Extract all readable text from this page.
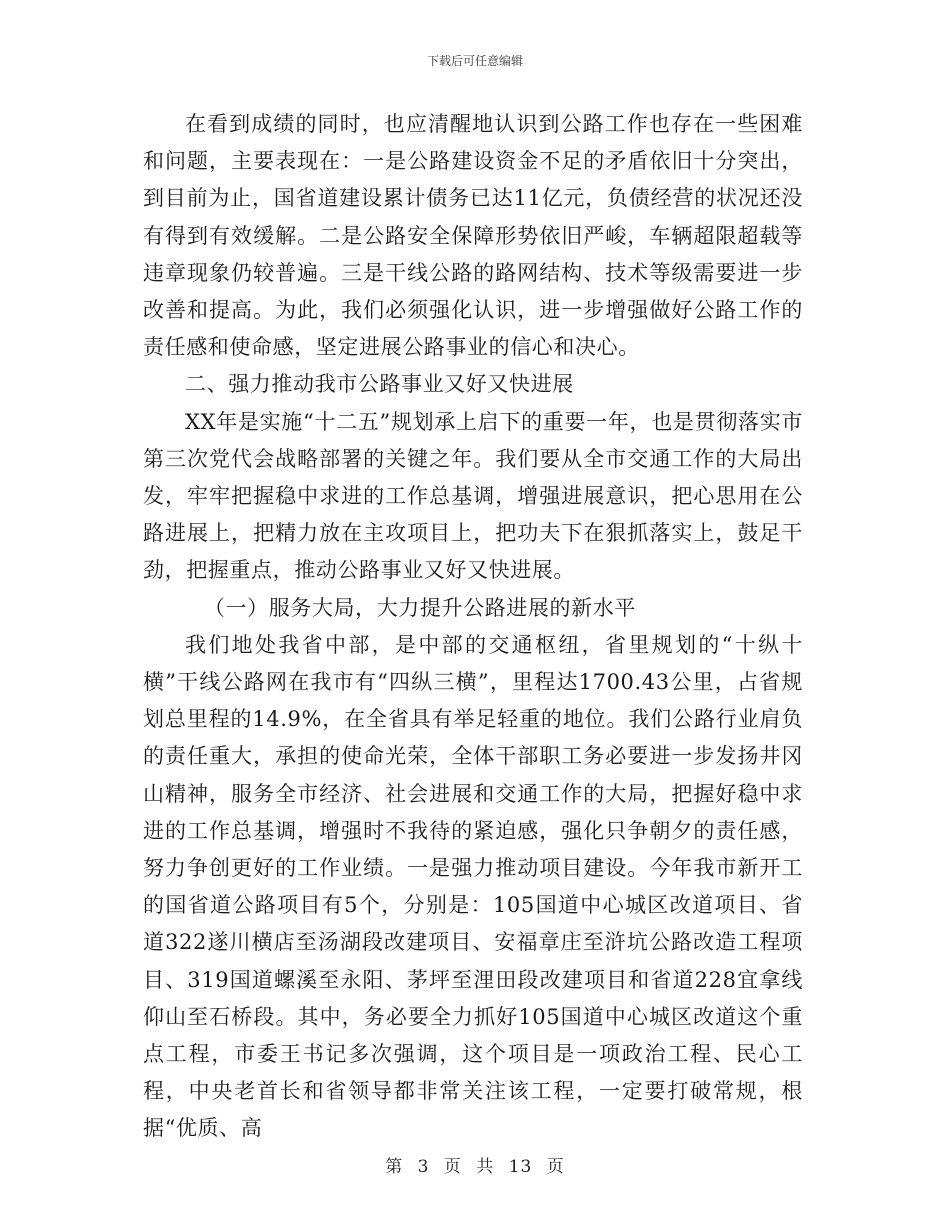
下载后可任意编辑

在看到成绩的同时，也应清醒地认识到公路工作也存在一些困难和问题，主要表现在：一是公路建设资金不足的矛盾依旧十分突出，到目前为止，国省道建设累计债务已达11亿元，负债经营的状况还没有得到有效缓解。二是公路安全保障形势依旧严峻，车辆超限超载等违章现象仍较普遍。三是干线公路的路网结构、技术等级需要进一步改善和提高。为此，我们必须强化认识，进一步增强做好公路工作的责任感和使命感，坚定进展公路事业的信心和决心。

二、强力推动我市公路事业又好又快进展

XX年是实施“十二五”规划承上启下的重要一年，也是贯彻落实市第三次党代会战略部署的关键之年。我们要从全市交通工作的大局出发，牢牢把握稳中求进的工作总基调，增强进展意识，把心思用在公路进展上，把精力放在主攻项目上，把功夫下在狠抓落实上，鼓足干劲，把握重点，推动公路事业又好又快进展。

（一）服务大局，大力提升公路进展的新水平

我们地处我省中部，是中部的交通枢纽，省里规划的“十纵十横”干线公路网在我市有“四纵三横”，里程达1700.43公里，占省规划总里程的14.9%，在全省具有举足轻重的地位。我们公路行业肩负的责任重大，承担的使命光荣，全体干部职工务必要进一步发扬井冈山精神，服务全市经济、社会进展和交通工作的大局，把握好稳中求进的工作总基调，增强时不我待的紧迫感，强化只争朝夕的责任感，努力争创更好的工作业绩。一是强力推动项目建设。今年我市新开工的国省道公路项目有5个，分别是：105国道中心城区改道项目、省道322遂川横店至汤湖段改建项目、安福章庄至浒坑公路改造工程项目、319国道螺溪至永阳、茅坪至浬田段改建项目和省道228宜拿线仰山至石桥段。其中，务必要全力抓好105国道中心城区改道这个重点工程，市委王书记多次强调，这个项目是一项政治工程、民心工程，中央老首长和省领导都非常关注该工程，一定要打破常规，根据“优质、高

第 3 页 共 13 页
